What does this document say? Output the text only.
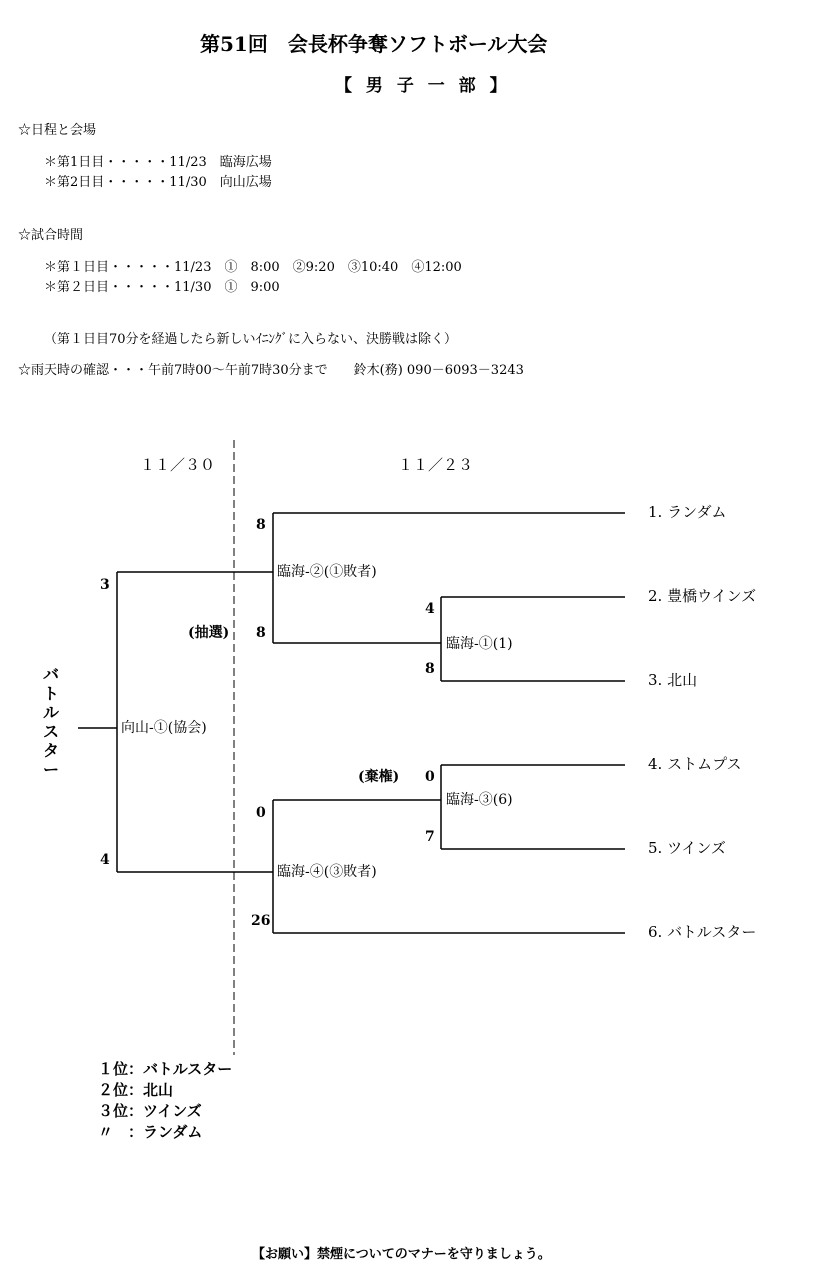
第51回　会長杯争奪ソフトボール大会
【 男 子 一 部 】
☆日程と会場
＊第1日目・・・・・11/23　臨海広場
＊第2日目・・・・・11/30　向山広場
☆試合時間
＊第１日目・・・・・11/23　①　8:00　②9:20　③10:40　④12:00
＊第２日目・・・・・11/30　①　9:00
（第１日目70分を経過したら新しいｲﾆﾝｸﾞに入らない、決勝戦は除く）
☆雨天時の確認・・・午前7時00～午前7時30分まで　　鈴木(務) 090－6093－3243
１１／３０	１１／２３
1. ランダム
2. 豊橋ウインズ
3. 北山
4. ストムプス
5. ツインズ
6. バトルスター
臨海-①(1)
臨海-②(①敗者)
臨海-③(6)
臨海-④(③敗者)
向山-①(協会)
4
8
8
8
0
7
0
26
3
4
(抽選)
(棄権)
バ
ト
ル
ス
タ
ー
１位：バトルスター
２位：北山
３位：ツインズ
〃　：ランダム
【お願い】禁煙についてのマナーを守りましょう。
